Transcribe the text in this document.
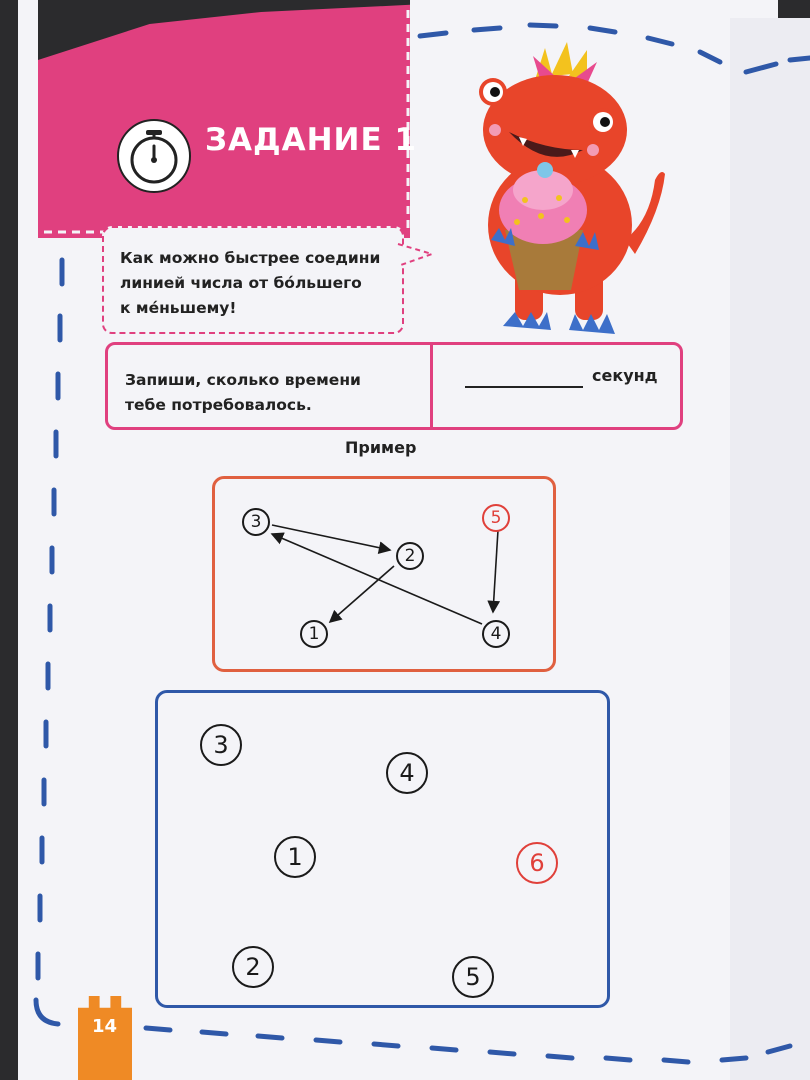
ЗАДАНИЕ 1
Как можно быстрее соедини
линией числа от бóльшего
к мéньшему!
Запиши, сколько времени
тебе потребовалось.
секунд
Пример
3	5
2
1	4
3
4
1	6
2	5
14
